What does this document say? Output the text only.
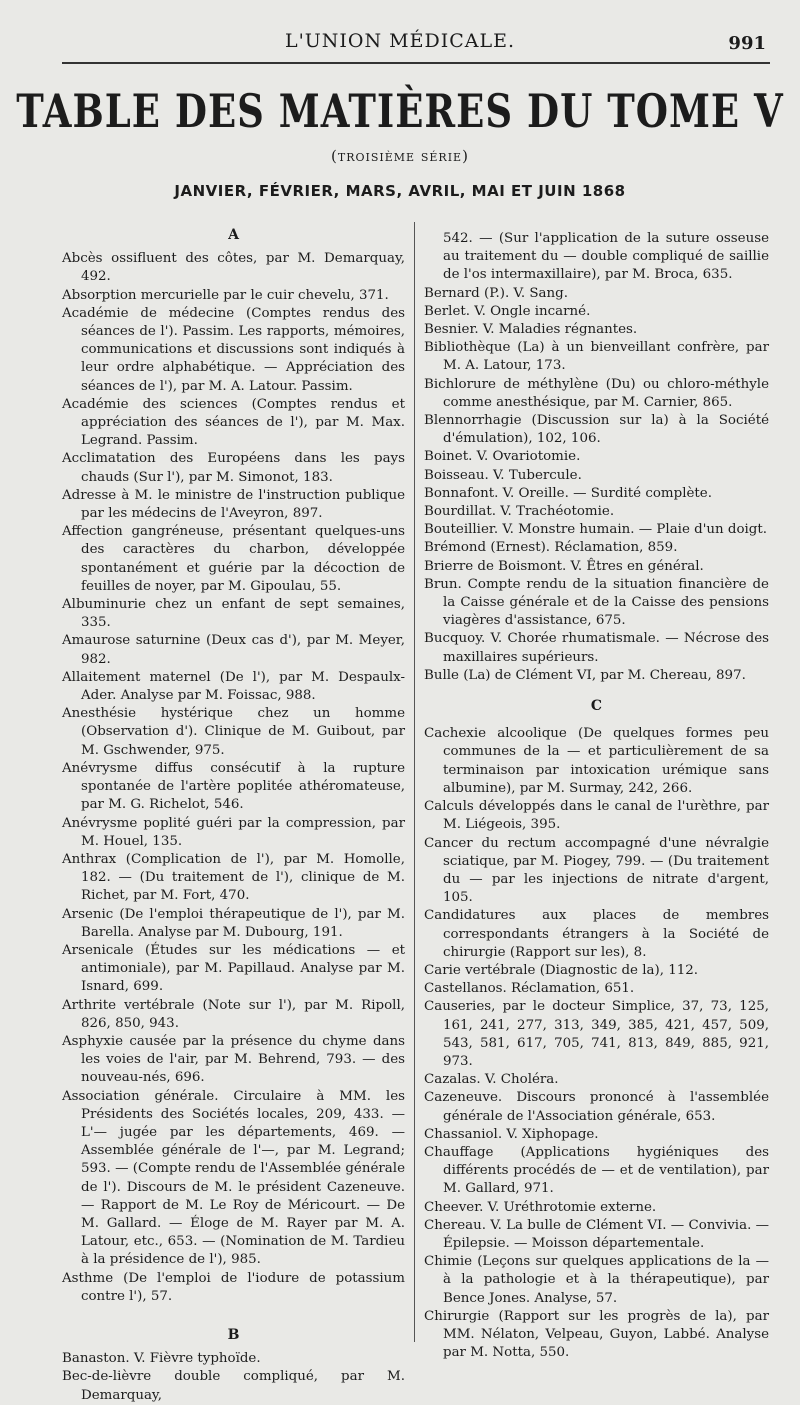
L'UNION MÉDICALE.	991
TABLE DES MATIÈRES DU TOME V
(troisième série)
JANVIER, FÉVRIER, MARS, AVRIL, MAI ET JUIN 1868
A

Abcès ossifluent des côtes, par M. Demarquay, 492.

Absorption mercurielle par le cuir chevelu, 371.

Académie de médecine (Comptes rendus des séances de l'). Passim. Les rapports, mémoires, communications et discussions sont indiqués à leur ordre alphabétique. — Appréciation des séances de l'), par M. A. Latour. Passim.

Académie des sciences (Comptes rendus et appréciation des séances de l'), par M. Max. Legrand. Passim.

Acclimatation des Européens dans les pays chauds (Sur l'), par M. Simonot, 183.

Adresse à M. le ministre de l'instruction publique par les médecins de l'Aveyron, 897.

Affection gangréneuse, présentant quelques-uns des caractères du charbon, développée spontanément et guérie par la décoction de feuilles de noyer, par M. Gipoulau, 55.

Albuminurie chez un enfant de sept semaines, 335.

Amaurose saturnine (Deux cas d'), par M. Meyer, 982.

Allaitement maternel (De l'), par M. Despaulx-Ader. Analyse par M. Foissac, 988.

Anesthésie hystérique chez un homme (Observation d'). Clinique de M. Guibout, par M. Gschwender, 975.

Anévrysme diffus consécutif à la rupture spontanée de l'artère poplitée athéromateuse, par M. G. Richelot, 546.

Anévrysme poplité guéri par la compression, par M. Houel, 135.

Anthrax (Complication de l'), par M. Homolle, 182. — (Du traitement de l'), clinique de M. Richet, par M. Fort, 470.

Arsenic (De l'emploi thérapeutique de l'), par M. Barella. Analyse par M. Dubourg, 191.

Arsenicale (Études sur les médications — et antimoniale), par M. Papillaud. Analyse par M. Isnard, 699.

Arthrite vertébrale (Note sur l'), par M. Ripoll, 826, 850, 943.

Asphyxie causée par la présence du chyme dans les voies de l'air, par M. Behrend, 793. — des nouveau-nés, 696.

Association générale. Circulaire à MM. les Présidents des Sociétés locales, 209, 433. — L'— jugée par les départements, 469. — Assemblée générale de l'—, par M. Legrand; 593. — (Compte rendu de l'Assemblée générale de l'). Discours de M. le président Cazeneuve. — Rapport de M. Le Roy de Méricourt. — De M. Gallard. — Éloge de M. Rayer par M. A. Latour, etc., 653. — (Nomination de M. Tardieu à la présidence de l'), 985.

Asthme (De l'emploi de l'iodure de potassium contre l'), 57.

B

Banaston. V. Fièvre typhoïde.

Bec-de-lièvre double compliqué, par M. Demarquay,

542. — (Sur l'application de la suture osseuse au traitement du — double compliqué de saillie de l'os intermaxillaire), par M. Broca, 635.

Bernard (P.). V. Sang.

Berlet. V. Ongle incarné.

Besnier. V. Maladies régnantes.

Bibliothèque (La) à un bienveillant confrère, par M. A. Latour, 173.

Bichlorure de méthylène (Du) ou chloro-méthyle comme anesthésique, par M. Carnier, 865.

Blennorrhagie (Discussion sur la) à la Société d'émulation), 102, 106.

Boinet. V. Ovariotomie.

Boisseau. V. Tubercule.

Bonnafont. V. Oreille. — Surdité complète.

Bourdillat. V. Trachéotomie.

Bouteillier. V. Monstre humain. — Plaie d'un doigt.

Brémond (Ernest). Réclamation, 859.

Brierre de Boismont. V. Êtres en général.

Brun. Compte rendu de la situation financière de la Caisse générale et de la Caisse des pensions viagères d'assistance, 675.

Bucquoy. V. Chorée rhumatismale. — Nécrose des maxillaires supérieurs.

Bulle (La) de Clément VI, par M. Chereau, 897.

C

Cachexie alcoolique (De quelques formes peu communes de la — et particulièrement de sa terminaison par intoxication urémique sans albumine), par M. Surmay, 242, 266.

Calculs développés dans le canal de l'urèthre, par M. Liégeois, 395.

Cancer du rectum accompagné d'une névralgie sciatique, par M. Piogey, 799. — (Du traitement du — par les injections de nitrate d'argent, 105.

Candidatures aux places de membres correspondants étrangers à la Société de chirurgie (Rapport sur les), 8.

Carie vertébrale (Diagnostic de la), 112.

Castellanos. Réclamation, 651.

Causeries, par le docteur Simplice, 37, 73, 125, 161, 241, 277, 313, 349, 385, 421, 457, 509, 543, 581, 617, 705, 741, 813, 849, 885, 921, 973.

Cazalas. V. Choléra.

Cazeneuve. Discours prononcé à l'assemblée générale de l'Association générale, 653.

Chassaniol. V. Xiphopage.

Chauffage (Applications hygiéniques des différents procédés de — et de ventilation), par M. Gallard, 971.

Cheever. V. Uréthrotomie externe.

Chereau. V. La bulle de Clément VI. — Convivia. — Épilepsie. — Moisson départementale.

Chimie (Leçons sur quelques applications de la — à la pathologie et à la thérapeutique), par Bence Jones. Analyse, 57.

Chirurgie (Rapport sur les progrès de la), par MM. Nélaton, Velpeau, Guyon, Labbé. Analyse par M. Notta, 550.
